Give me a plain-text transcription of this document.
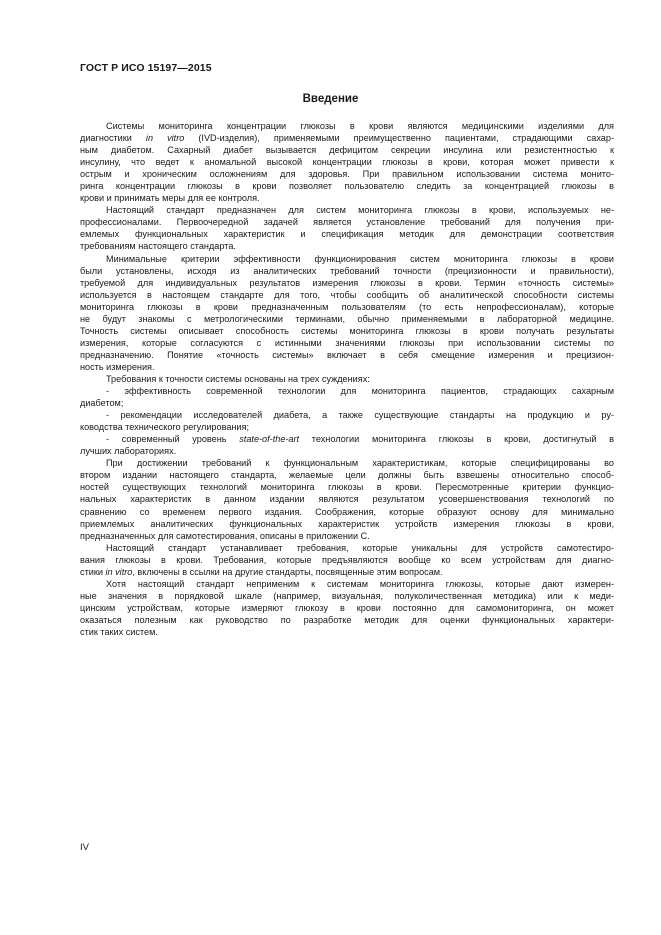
ГОСТ Р ИСО 15197—2015
Введение
Системы мониторинга концентрации глюкозы в крови являются медицинскими изделиями для
диагностики in vitro (IVD-изделия), применяемыми преимущественно пациентами, страдающими сахар-
ным диабетом. Сахарный диабет вызывается дефицитом секреции инсулина или резистентностью к
инсулину, что ведет к аномальной высокой концентрации глюкозы в крови, которая может привести к
острым и хроническим осложнениям для здоровья. При правильном использовании система монито-
ринга концентрации глюкозы в крови позволяет пользователю следить за концентрацией глюкозы в
крови и принимать меры для ее контроля.
Настоящий стандарт предназначен для систем мониторинга глюкозы в крови, используемых не-
профессионалами. Первоочередной задачей является установление требований для получения при-
емлемых функциональных характеристик и спецификация методик для демонстрации соответствия
требованиям настоящего стандарта.
Минимальные критерии эффективности функционирования систем мониторинга глюкозы в крови
были установлены, исходя из аналитических требований точности (прецизионности и правильности),
требуемой для индивидуальных результатов измерения глюкозы в крови. Термин «точность системы»
используется в настоящем стандарте для того, чтобы сообщить об аналитической способности системы
мониторинга глюкозы в крови предназначенным пользователям (то есть непрофессионалам), которые
не будут знакомы с метрологическими терминами, обычно применяемыми в лабораторной медицине.
Точность системы описывает способность системы мониторинга глюкозы в крови получать результаты
измерения, которые согласуются с истинными значениями глюкозы при использовании системы по
предназначению. Понятие «точность системы» включает в себя смещение измерения и прецизион-
ность измерения.
Требования к точности системы основаны на трех суждениях:
- эффективность современной технологии для мониторинга пациентов, страдающих сахарным
диабетом;
- рекомендации исследователей диабета, а также существующие стандарты на продукцию и ру-
ководства технического регулирования;
- современный уровень state-of-the-art технологии мониторинга глюкозы в крови, достигнутый в
лучших лабораториях.
При достижении требований к функциональным характеристикам, которые специфицированы во
втором издании настоящего стандарта, желаемые цели должны быть взвешены относительно способ-
ностей существующих технологий мониторинга глюкозы в крови. Пересмотренные критерии функцио-
нальных характеристик в данном издании являются результатом усовершенствования технологий по
сравнению со временем первого издания. Соображения, которые образуют основу для минимально
приемлемых аналитических функциональных характеристик устройств измерения глюкозы в крови,
предназначенных для самотестирования, описаны в приложении С.
Настоящий стандарт устанавливает требования, которые уникальны для устройств самотестиро-
вания глюкозы в крови. Требования, которые предъявляются вообще ко всем устройствам для диагно-
стики in vitro, включены в ссылки на другие стандарты, посвященные этим вопросам.
Хотя настоящий стандарт неприменим к системам мониторинга глюкозы, которые дают измерен-
ные значения в порядковой шкале (например, визуальная, полуколичественная методика) или к меди-
цинским устройствам, которые измеряют глюкозу в крови постоянно для самомониторинга, он может
оказаться полезным как руководство по разработке методик для оценки функциональных характери-
стик таких систем.
IV
